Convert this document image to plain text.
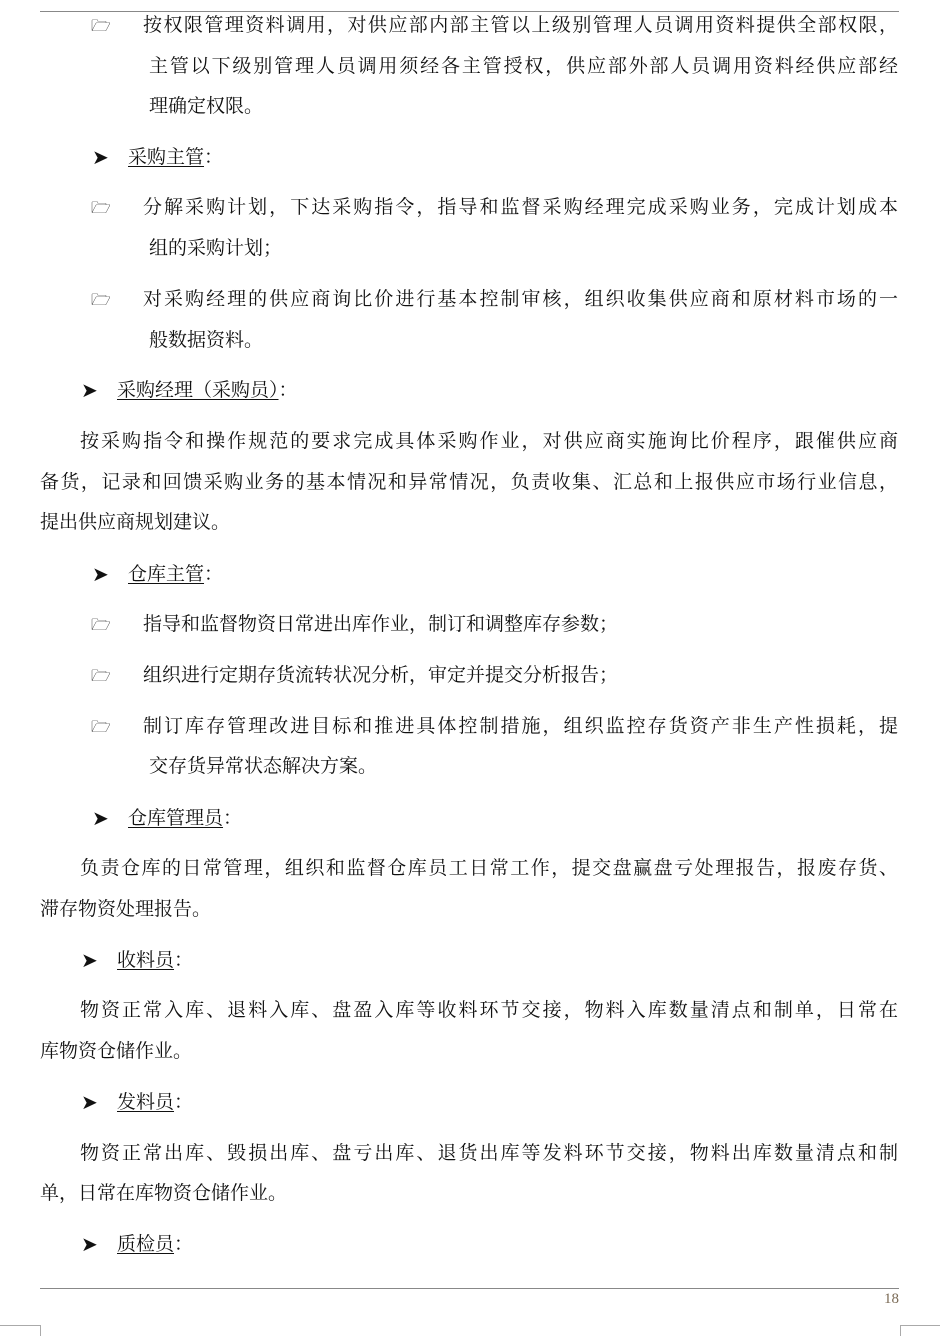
🗁 按权限管理资料调用，对供应部内部主管以上级别管理人员调用资料提供全部权限，
主管以下级别管理人员调用须经各主管授权，供应部外部人员调用资料经供应部经
理确定权限。
➤ 采购主管：
🗁 分解采购计划，下达采购指令，指导和监督采购经理完成采购业务，完成计划成本
组的采购计划；
🗁 对采购经理的供应商询比价进行基本控制审核，组织收集供应商和原材料市场的一
般数据资料。
➤ 采购经理（采购员）：
按采购指令和操作规范的要求完成具体采购作业，对供应商实施询比价程序，跟催供应商
备货，记录和回馈采购业务的基本情况和异常情况，负责收集、汇总和上报供应市场行业信息，
提出供应商规划建议。
➤ 仓库主管：
🗁 指导和监督物资日常进出库作业，制订和调整库存参数；
🗁 组织进行定期存货流转状况分析，审定并提交分析报告；
🗁 制订库存管理改进目标和推进具体控制措施，组织监控存货资产非生产性损耗，提
交存货异常状态解决方案。
➤ 仓库管理员：
负责仓库的日常管理，组织和监督仓库员工日常工作，提交盘赢盘亏处理报告，报废存货、
滞存物资处理报告。
➤ 收料员：
物资正常入库、退料入库、盘盈入库等收料环节交接，物料入库数量清点和制单，日常在
库物资仓储作业。
➤ 发料员：
物资正常出库、毁损出库、盘亏出库、退货出库等发料环节交接，物料出库数量清点和制
单，日常在库物资仓储作业。
➤ 质检员：
18
